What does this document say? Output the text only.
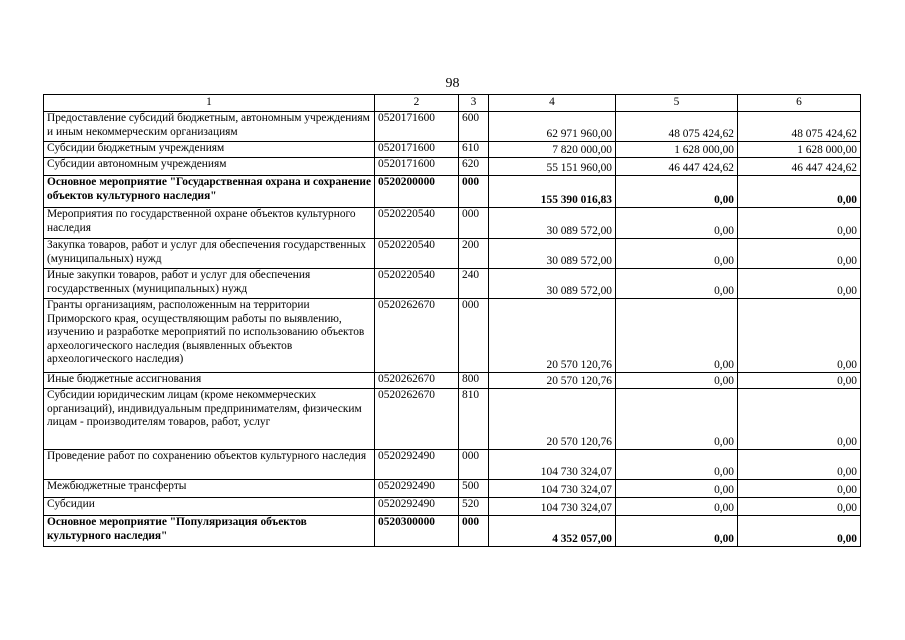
98
1	2	3	4	5	6
Предоставление субсидий бюджетным, автономным учреждениям и иным некоммерческим организациям	0520171600	600	62 971 960,00	48 075 424,62	48 075 424,62
Субсидии бюджетным учреждениям	0520171600	610	7 820 000,00	1 628 000,00	1 628 000,00
Субсидии автономным учреждениям	0520171600	620	55 151 960,00	46 447 424,62	46 447 424,62
Основное мероприятие "Государственная охрана и сохранение объектов культурного наследия"	0520200000	000	155 390 016,83	0,00	0,00
Мероприятия по государственной охране объектов культурного наследия	0520220540	000	30 089 572,00	0,00	0,00
Закупка товаров, работ и услуг для обеспечения государственных (муниципальных) нужд	0520220540	200	30 089 572,00	0,00	0,00
Иные закупки товаров, работ и услуг для обеспечения государственных (муниципальных) нужд	0520220540	240	30 089 572,00	0,00	0,00
Гранты организациям, расположенным на территории Приморского края, осуществляющим работы по выявлению, изучению и разработке мероприятий по использованию объектов археологического наследия (выявленных объектов археологического наследия)	0520262670	000	20 570 120,76	0,00	0,00
Иные бюджетные ассигнования	0520262670	800	20 570 120,76	0,00	0,00
Субсидии юридическим лицам (кроме некоммерческих организаций), индивидуальным предпринимателям, физическим лицам - производителям товаров, работ, услуг	0520262670	810	20 570 120,76	0,00	0,00
Проведение работ по сохранению объектов культурного наследия	0520292490	000	104 730 324,07	0,00	0,00
Межбюджетные трансферты	0520292490	500	104 730 324,07	0,00	0,00
Субсидии	0520292490	520	104 730 324,07	0,00	0,00
Основное мероприятие "Популяризация объектов культурного наследия"	0520300000	000	4 352 057,00	0,00	0,00
